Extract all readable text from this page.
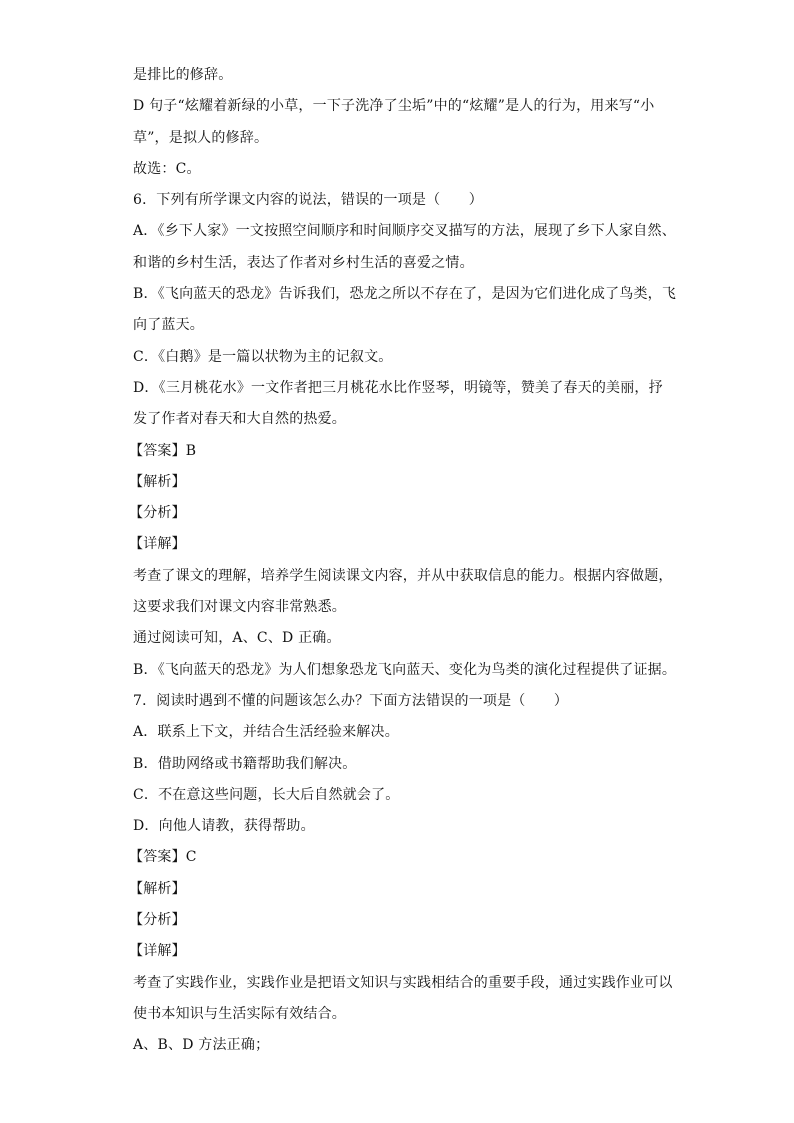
是排比的修辞。
D 句子“炫耀着新绿的小草，一下子洗净了尘垢”中的“炫耀”是人的行为，用来写“小
草”，是拟人的修辞。
故选：C。
6．下列有所学课文内容的说法，错误的一项是（　　）
A．《乡下人家》一文按照空间顺序和时间顺序交叉描写的方法，展现了乡下人家自然、
和谐的乡村生活，表达了作者对乡村生活的喜爱之情。
B．《飞向蓝天的恐龙》告诉我们，恐龙之所以不存在了，是因为它们进化成了鸟类，飞
向了蓝天。
C．《白鹅》是一篇以状物为主的记叙文。
D．《三月桃花水》一文作者把三月桃花水比作竖琴，明镜等，赞美了春天的美丽，抒
发了作者对春天和大自然的热爱。
【答案】B
【解析】
【分析】
【详解】
考查了课文的理解，培养学生阅读课文内容，并从中获取信息的能力。根据内容做题，
这要求我们对课文内容非常熟悉。
通过阅读可知，A、C、D 正确。
B．《飞向蓝天的恐龙》为人们想象恐龙飞向蓝天、变化为鸟类的演化过程提供了证据。
7．阅读时遇到不懂的问题该怎么办？下面方法错误的一项是（　　）
A．联系上下文，并结合生活经验来解决。
B．借助网络或书籍帮助我们解决。
C．不在意这些问题，长大后自然就会了。
D．向他人请教，获得帮助。
【答案】C
【解析】
【分析】
【详解】
考查了实践作业，实践作业是把语文知识与实践相结合的重要手段，通过实践作业可以
使书本知识与生活实际有效结合。
A、B、D 方法正确；
